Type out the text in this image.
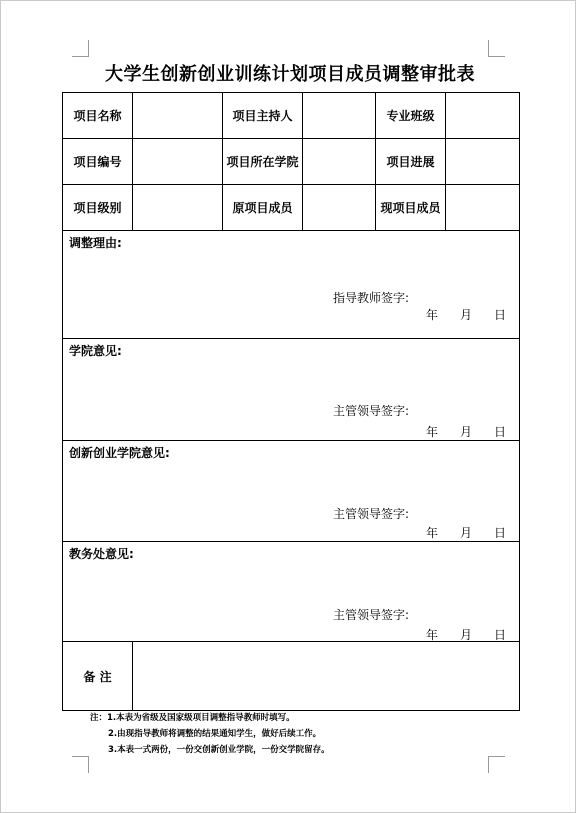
大学生创新创业训练计划项目成员调整审批表
项目名称		项目主持人		专业班级	
项目编号		项目所在学院		项目进展	
项目级别		原项目成员		现项目成员	

调整理由:
指导教师签字:
年 月 日					

学院意见:
主管领导签字:
年 月 日					

创新创业学院意见:
主管领导签字:
年 月 日					

教务处意见:
主管领导签字:
年 月 日					

备 注					
注：1.本表为省级及国家级项目调整指导教师时填写。
2.由现指导教师将调整的结果通知学生，做好后续工作。
3.本表一式两份，一份交创新创业学院，一份交学院留存。
